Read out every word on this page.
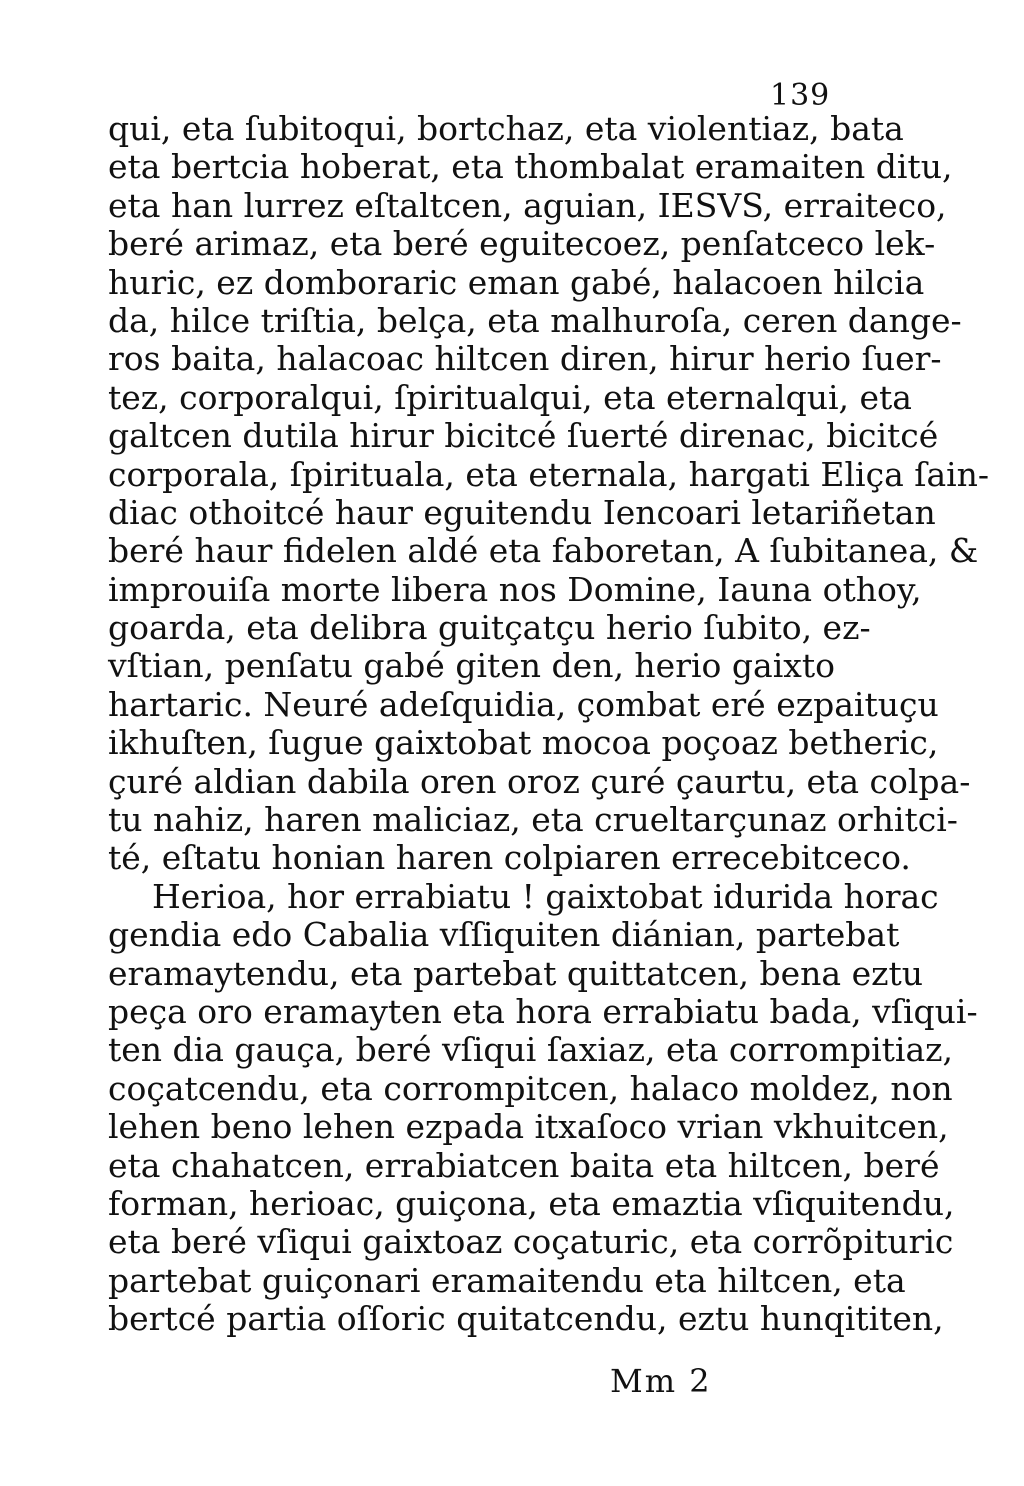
139
qui, eta ſubitoqui, bortchaz, eta violentiaz, bata
eta bertcia hoberat, eta thombalat eramaiten ditu,
eta han lurrez eſtaltcen, aguian, IESVS, erraiteco,
beré arimaz, eta beré eguitecoez, penſatceco lek-
huric, ez domboraric eman gabé, halacoen hilcia
da, hilce triſtia, belça, eta malhuroſa, ceren dange-
ros baita, halacoac hiltcen diren, hirur herio ſuer-
tez, corporalqui, ſpiritualqui, eta eternalqui, eta
galtcen dutila hirur bicitcé ſuerté direnac, bicitcé
corporala, ſpirituala, eta eternala, hargati Eliça ſain-
diac othoitcé haur eguitendu Iencoari letariñetan
beré haur fidelen aldé eta faboretan, A ſubitanea, &
improuiſa morte libera nos Domine, Iauna othoy,
goarda, eta delibra guitçatçu herio ſubito, ez-
vſtian, penſatu gabé giten den, herio gaixto
hartaric. Neuré adeſquidia, çombat eré ezpaituçu
ikhuſten, ſugue gaixtobat mocoa poçoaz betheric,
çuré aldian dabila oren oroz çuré çaurtu, eta colpa-
tu nahiz, haren maliciaz, eta crueltarçunaz orhitci-
té, eſtatu honian haren colpiaren errecebitceco.
Herioa, hor errabiatu ! gaixtobat idurida horac
gendia edo Cabalia vſſiquiten diánian, partebat
eramaytendu, eta partebat quittatcen, bena eztu
peça oro eramayten eta hora errabiatu bada, vſiqui-
ten dia gauça, beré vſiqui ſaxiaz, eta corrompitiaz,
coçatcendu, eta corrompitcen, halaco moldez, non
lehen beno lehen ezpada itxaſoco vrian vkhuitcen,
eta chahatcen, errabiatcen baita eta hiltcen, beré
forman, herioac, guiçona, eta emaztia vſiquitendu,
eta beré vſiqui gaixtoaz coçaturic, eta corrõpituric
partebat guiçonari eramaitendu eta hiltcen, eta
bertcé partia oſſoric quitatcendu, eztu hunqititen,
Mm 2
